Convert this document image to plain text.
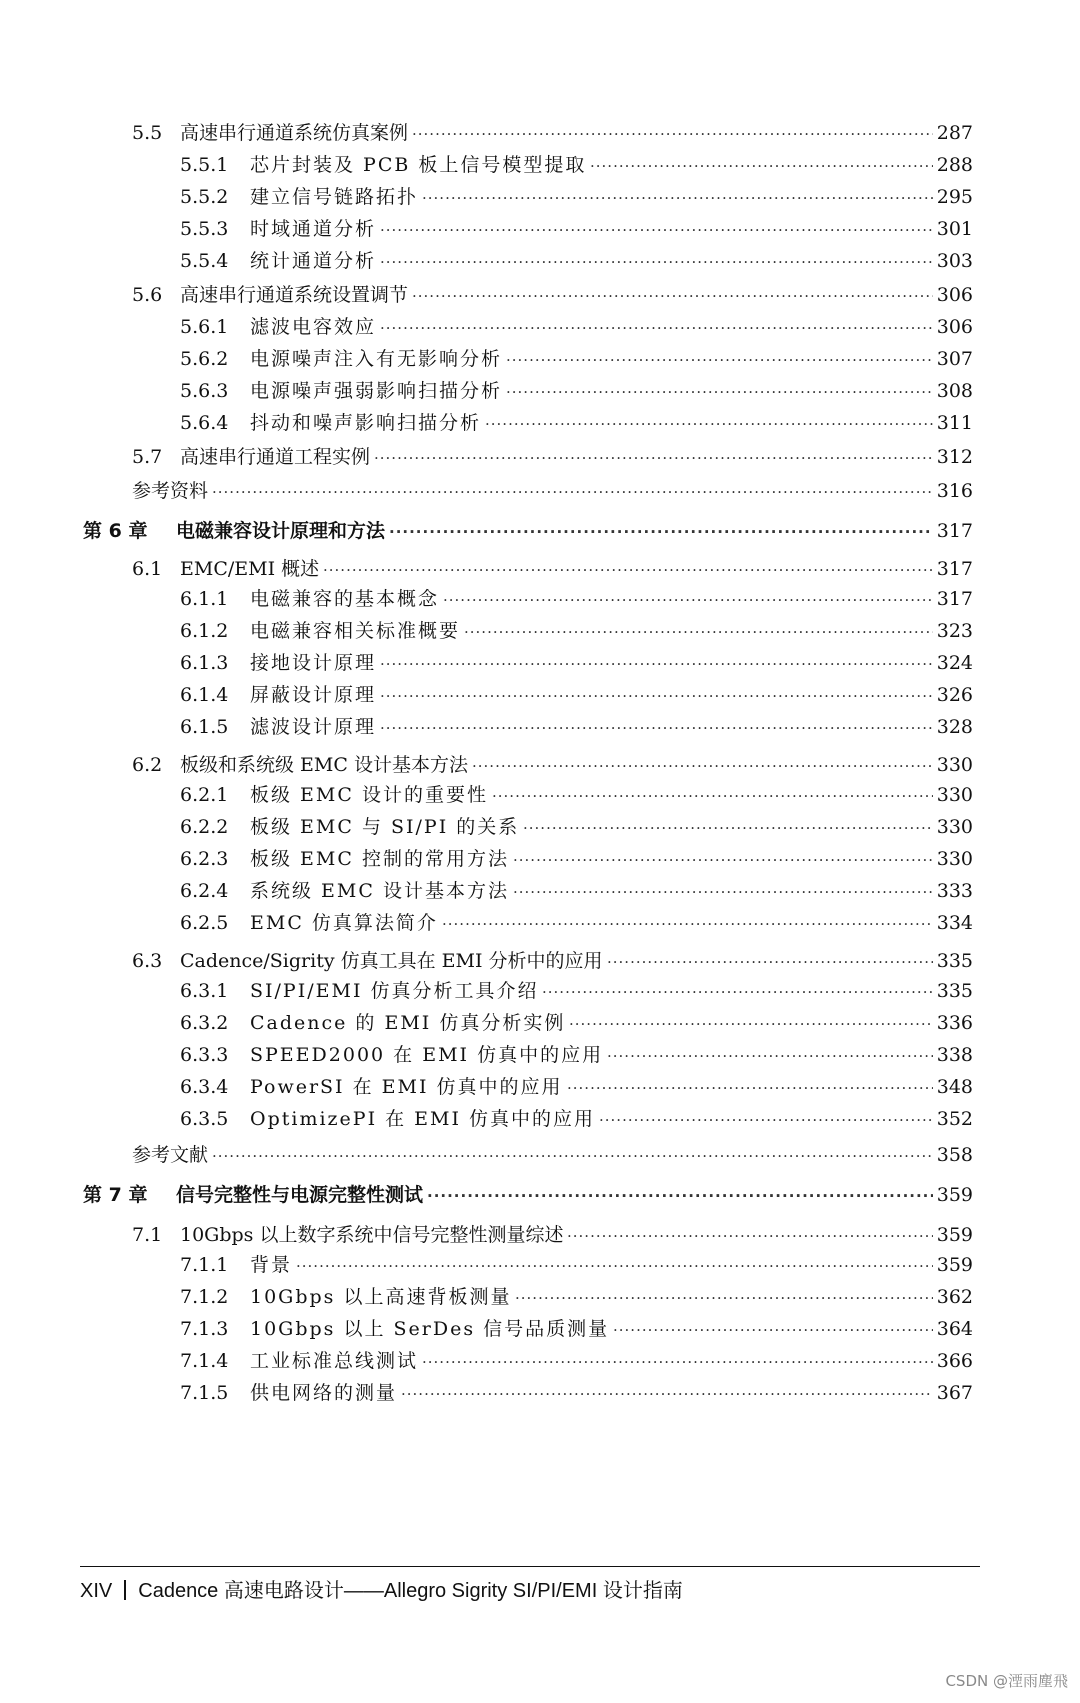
5.5 高速串行通道系统仿真案例 ·····	287
5.5.1 芯片封装及 PCB 板上信号模型提取 ·····	288
5.5.2 建立信号链路拓扑 ·····	295
5.5.3 时域通道分析 ·····	301
5.5.4 统计通道分析 ·····	303
5.6 高速串行通道系统设置调节 ·····	306
5.6.1 滤波电容效应 ·····	306
5.6.2 电源噪声注入有无影响分析 ·····	307
5.6.3 电源噪声强弱影响扫描分析 ·····	308
5.6.4 抖动和噪声影响扫描分析 ·····	311
5.7 高速串行通道工程实例 ·····	312
参考资料 ·····	316
第 6 章 电磁兼容设计原理和方法 ·····	317
6.1 EMC/EMI 概述 ·····	317
6.1.1 电磁兼容的基本概念 ·····	317
6.1.2 电磁兼容相关标准概要 ·····	323
6.1.3 接地设计原理 ·····	324
6.1.4 屏蔽设计原理 ·····	326
6.1.5 滤波设计原理 ·····	328
6.2 板级和系统级 EMC 设计基本方法 ·····	330
6.2.1 板级 EMC 设计的重要性 ·····	330
6.2.2 板级 EMC 与 SI/PI 的关系 ·····	330
6.2.3 板级 EMC 控制的常用方法 ·····	330
6.2.4 系统级 EMC 设计基本方法 ·····	333
6.2.5 EMC 仿真算法简介 ·····	334
6.3 Cadence/Sigrity 仿真工具在 EMI 分析中的应用 ·····	335
6.3.1 SI/PI/EMI 仿真分析工具介绍 ·····	335
6.3.2 Cadence 的 EMI 仿真分析实例 ·····	336
6.3.3 SPEED2000 在 EMI 仿真中的应用 ·····	338
6.3.4 PowerSI 在 EMI 仿真中的应用 ·····	348
6.3.5 OptimizePI 在 EMI 仿真中的应用 ·····	352
参考文献 ·····	358
第 7 章 信号完整性与电源完整性测试 ·····	359
7.1 10Gbps 以上数字系统中信号完整性测量综述 ·····	359
7.1.1 背景 ·····	359
7.1.2 10Gbps 以上高速背板测量 ·····	362
7.1.3 10Gbps 以上 SerDes 信号品质测量 ·····	364
7.1.4 工业标准总线测试 ·····	366
7.1.5 供电网络的测量 ·····	367
XIV Cadence 高速电路设计——Allegro Sigrity SI/PI/EMI 设计指南
CSDN @湮雨塵飛
